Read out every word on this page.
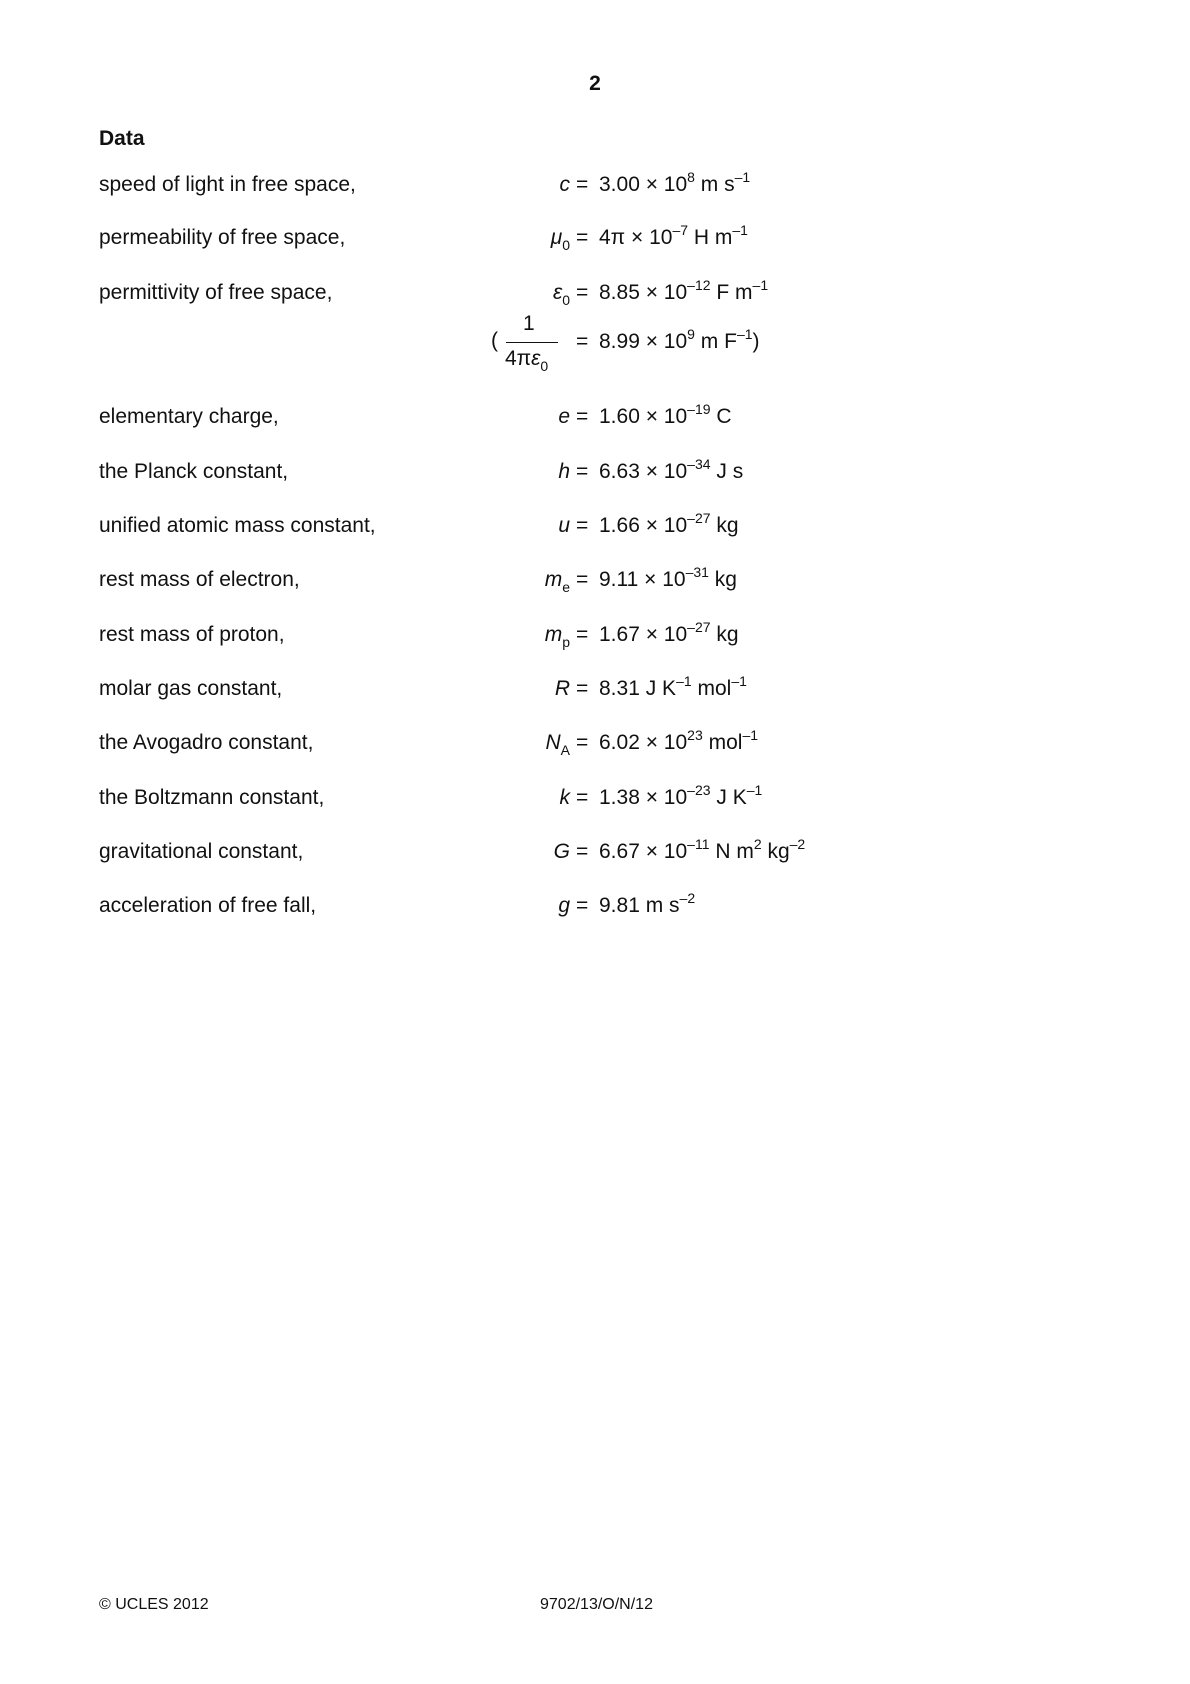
2
Data
speed of light in free space,	$c = 3.00 \times 10^8$ m $s^{-1}$
permeability of free space,	$\mu_0 = 4\pi \times 10^{-7}$ H $m^{-1}$
permittivity of free space,	$\varepsilon_0 = 8.85 \times 10^{-12}$ F $m^{-1}$
(
1
$4\pi\varepsilon_0$
= $8.99 \times 10^9$ m $F^{-1}$)
elementary charge,	$e = 1.60 \times 10^{-19}$ C
the Planck constant,	$h = 6.63 \times 10^{-34}$ J s
unified atomic mass constant,	$u = 1.66 \times 10^{-27}$ kg
rest mass of electron,	$m_e = 9.11 \times 10^{-31}$ kg
rest mass of proton,	$m_p = 1.67 \times 10^{-27}$ kg
molar gas constant,	R = 8.31 J $K^{-1}$ mol$^{-1}$
the Avogadro constant,	$N_A = 6.02 \times 10^{23}$ mol$^{-1}$
the Boltzmann constant,	$k = 1.38 \times 10^{-23}$ J $K^{-1}$
gravitational constant,	$G = 6.67 \times 10^{-11}$ N $m^2$ $kg^{-2}$
acceleration of free fall,	g = 9.81 m $s^{-2}$
© UCLES 2012	9702/13/O/N/12
